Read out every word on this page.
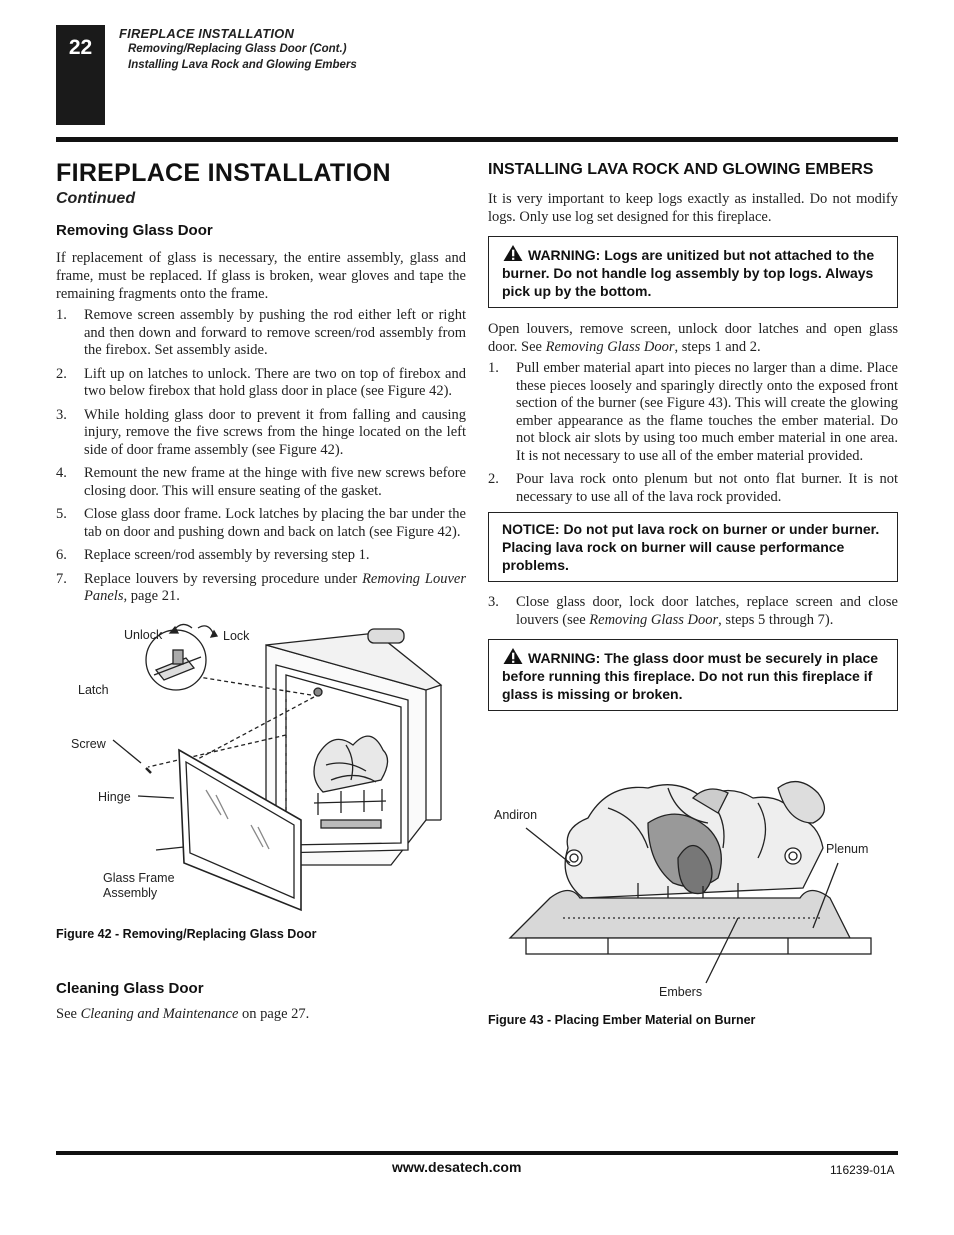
22
FIREPLACE INSTALLATION
Removing/Replacing Glass Door (Cont.)
Installing Lava Rock and Glowing Embers
FIREPLACE INSTALLATION
Continued
Removing Glass Door

If replacement of glass is necessary, the entire assembly, glass and frame, must be replaced. If glass is broken, wear gloves and tape the remaining fragments onto the frame.

1.	Remove screen assembly by pushing the rod either left or right and then down and forward to remove screen/rod assembly from the firebox. Set assembly aside.
2.	Lift up on latches to unlock. There are two on top of firebox and two below firebox that hold glass door in place (see Figure 42).
3.	While holding glass door to prevent it from falling and causing injury, remove the five screws from the hinge located on the left side of door frame assembly (see Figure 42).
4.	Remount the new frame at the hinge with five new screws before closing door. This will ensure seating of the gasket.
5.	Close glass door frame. Lock latches by placing the bar under the tab on door and pushing down and back on latch (see Figure 42).
6.	Replace screen/rod assembly by reversing step 1.
7.	Replace louvers by reversing procedure under Removing Louver Panels, page 21.
Unlock	Lock
Latch
Screw
Hinge
Glass Frame
Assembly
Figure 42 - Removing/Replacing Glass Door
Cleaning Glass Door

See Cleaning and Maintenance on page 27.

INSTALLING LAVA ROCK AND GLOWING EMBERS

It is very important to keep logs exactly as installed. Do not modify logs. Only use log set designed for this fireplace.

WARNING: Logs are unitized but not attached to the burner. Do not handle log assembly by top logs. Always pick up by the bottom.

Open louvers, remove screen, unlock door latches and open glass door. See Removing Glass Door, steps 1 and 2.

1.	Pull ember material apart into pieces no larger than a dime. Place these pieces loosely and sparingly directly onto the exposed front section of the burner (see Figure 43). This will create the glowing ember appearance as the flame touches the ember material. Do not block air slots by using too much ember material in one area. It is not necessary to use all of the ember material provided.
2.	Pour lava rock onto plenum but not onto flat burner. It is not necessary to use all of the lava rock provided.
NOTICE: Do not put lava rock on burner or under burner. Placing lava rock on burner will cause performance problems.
3.	Close glass door, lock door latches, replace screen and close louvers (see Removing Glass Door, steps 5 through 7).
WARNING: The glass door must be securely in place before running this fireplace. Do not run this fireplace if glass is missing or broken.
Andiron
Plenum
Embers
Figure 43 - Placing Ember Material on Burner
www.desatech.com	116239-01A
